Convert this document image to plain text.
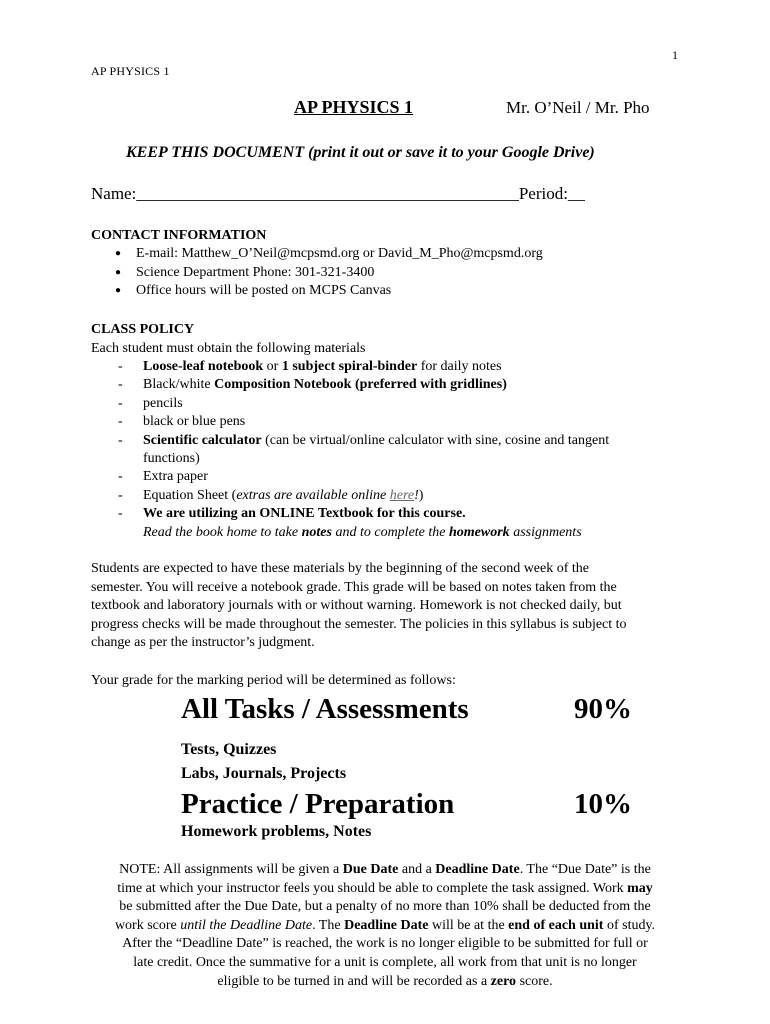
1
AP PHYSICS 1
AP PHYSICS 1	Mr. O’Neil / Mr. Pho
KEEP THIS DOCUMENT (print it out or save it to your Google Drive)
Name:_____________________________________________Period:__
CONTACT INFORMATION
● E-mail: Matthew_O’Neil@mcpsmd.org or David_M_Pho@mcpsmd.org
● Science Department Phone: 301-321-3400
● Office hours will be posted on MCPS Canvas
CLASS POLICY
Each student must obtain the following materials
- Loose-leaf notebook or 1 subject spiral-binder for daily notes
- Black/white Composition Notebook (preferred with gridlines)
- pencils
- black or blue pens
- Scientific calculator (can be virtual/online calculator with sine, cosine and tangent
functions)
- Extra paper
- Equation Sheet (extras are available online here!)
- We are utilizing an ONLINE Textbook for this course.
Read the book home to take notes and to complete the homework assignments
Students are expected to have these materials by the beginning of the second week of the
semester. You will receive a notebook grade. This grade will be based on notes taken from the
textbook and laboratory journals with or without warning. Homework is not checked daily, but
progress checks will be made throughout the semester. The policies in this syllabus is subject to
change as per the instructor’s judgment.
Your grade for the marking period will be determined as follows:
All Tasks / Assessments	90%
Tests, Quizzes
Labs, Journals, Projects
Practice / Preparation	10%
Homework problems, Notes
NOTE: All assignments will be given a Due Date and a Deadline Date. The “Due Date” is the
time at which your instructor feels you should be able to complete the task assigned. Work may
be submitted after the Due Date, but a penalty of no more than 10% shall be deducted from the
work score until the Deadline Date. The Deadline Date will be at the end of each unit of study.
After the “Deadline Date” is reached, the work is no longer eligible to be submitted for full or
late credit. Once the summative for a unit is complete, all work from that unit is no longer
eligible to be turned in and will be recorded as a zero score.
